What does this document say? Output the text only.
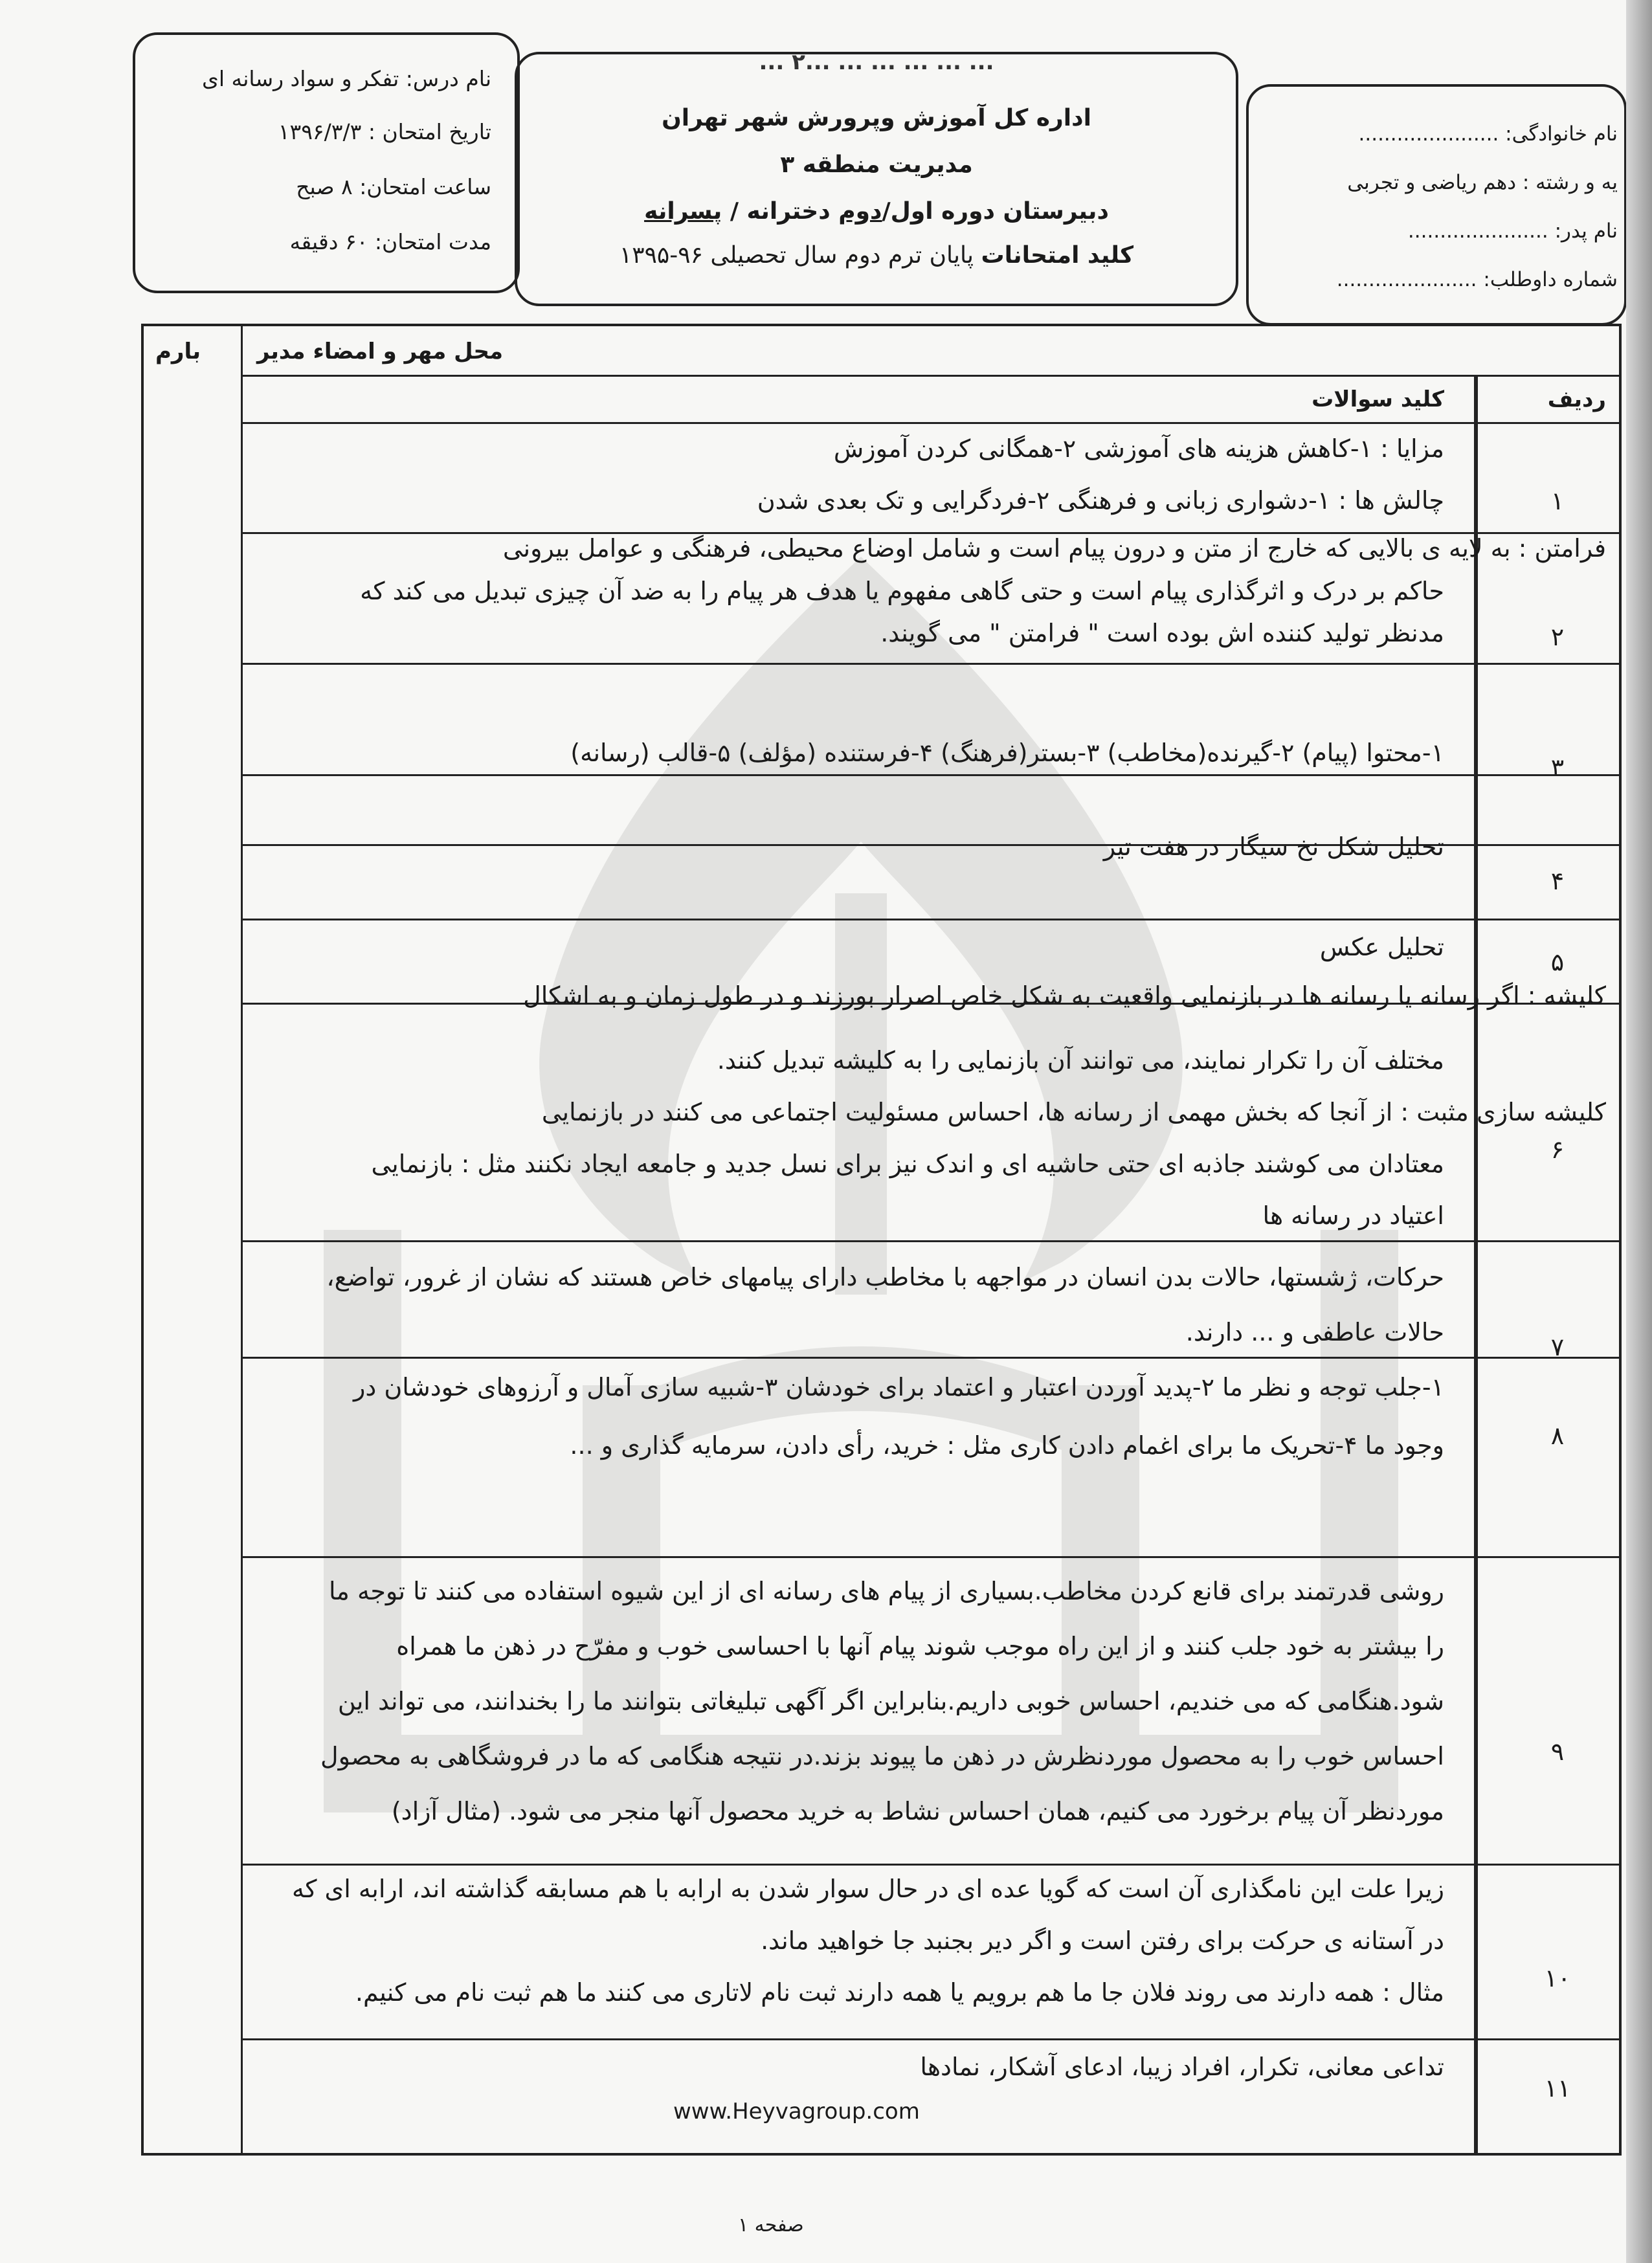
نام درس: تفکر و سواد رسانه ای
تاریخ امتحان : ۱۳۹۶/۳/۳
ساعت امتحان: ۸ صبح
مدت امتحان: ۶۰ دقیقه
... ۲... ... ... ... ... ...
اداره کل آموزش وپرورش شهر تهران
مدیریت منطقه ۳
دبیرستان دوره اول/دوم دخترانه / پسرانه
کلید امتحانات پایان ترم دوم سال تحصیلی ۹۶-۱۳۹۵
نام خانوادگی: ......................
یه و رشته : دهم ریاضی و تجربی
نام پدر: ......................
شماره داوطلب: ......................
بارم	محل مهر و امضاء مدیر
ردیف
کلید سوالات
۱
مزایا : ۱-کاهش هزینه های آموزشی ۲-همگانی کردن آموزش
چالش ها : ۱-دشواری زبانی و فرهنگی ۲-فردگرایی و تک بعدی شدن
۲
فرامتن : به لایه ی بالایی که خارج از متن و درون پیام است و شامل اوضاع محیطی، فرهنگی و عوامل بیرونی
حاکم بر درک و اثرگذاری پیام است و حتی گاهی مفهوم یا هدف هر پیام را به ضد آن چیزی تبدیل می کند که
مدنظر تولید کننده اش بوده است " فرامتن " می گویند.
۳
۱-محتوا (پیام) ۲-گیرنده(مخاطب) ۳-بستر(فرهنگ) ۴-فرستنده (مؤلف) ۵-قالب (رسانه)
۴
تحلیل شکل نخ سیگار در هفت تیر
۵
تحلیل عکس
۶
کلیشه : اگر رسانه یا رسانه ها در بازنمایی واقعیت به شکل خاص اصرار بورزند و در طول زمان و به اشکال
مختلف آن را تکرار نمایند، می توانند آن بازنمایی را به کلیشه تبدیل کنند.
کلیشه سازی مثبت : از آنجا که بخش مهمی از رسانه ها، احساس مسئولیت اجتماعی می کنند در بازنمایی
معتادان می کوشند جاذبه ای حتی حاشیه ای و اندک نیز برای نسل جدید و جامعه ایجاد نکنند مثل : بازنمایی
اعتیاد در رسانه ها
۷
حرکات، ژشستها، حالات بدن انسان در مواجهه با مخاطب دارای پیامهای خاص هستند که نشان از غرور، تواضع،
حالات عاطفی و ... دارند.
۸
۱-جلب توجه و نظر ما ۲-پدید آوردن اعتبار و اعتماد برای خودشان ۳-شبیه سازی آمال و آرزوهای خودشان در
وجود ما ۴-تحریک ما برای اغمام دادن کاری مثل : خرید، رأی دادن، سرمایه گذاری و ...
۹
روشی قدرتمند برای قانع کردن مخاطب.بسیاری از پیام های رسانه ای از این شیوه استفاده می کنند تا توجه ما
را بیشتر به خود جلب کنند و از این راه موجب شوند پیام آنها با احساسی خوب و مفرّح در ذهن ما همراه
شود.هنگامی که می خندیم، احساس خوبی داریم.بنابراین اگر آگهی تبلیغاتی بتوانند ما را بخندانند، می تواند این
احساس خوب را به محصول مورد‌نظرش در ذهن ما پیوند بزند.در نتیجه هنگامی که ما در فروشگاهی به محصول
موردنظر آن پیام برخورد می کنیم، همان احساس نشاط به خرید محصول آنها منجر می شود. (مثال آزاد)
۱۰
زیرا علت این نامگذاری آن است که گویا عده ای در حال سوار شدن به ارابه با هم مسابقه گذاشته اند، ارابه ای که
در آستانه ی حرکت برای رفتن است و اگر دیر بجنبد جا خواهید ماند.
مثال : همه دارند می روند فلان جا ما هم برویم یا همه دارند ثبت نام لاتاری می کنند ما هم ثبت نام می کنیم.
۱۱
تداعی معانی، تکرار، افراد زیبا، ادعای آشکار، نمادها
www.Heyvagroup.com
صفحه ۱
